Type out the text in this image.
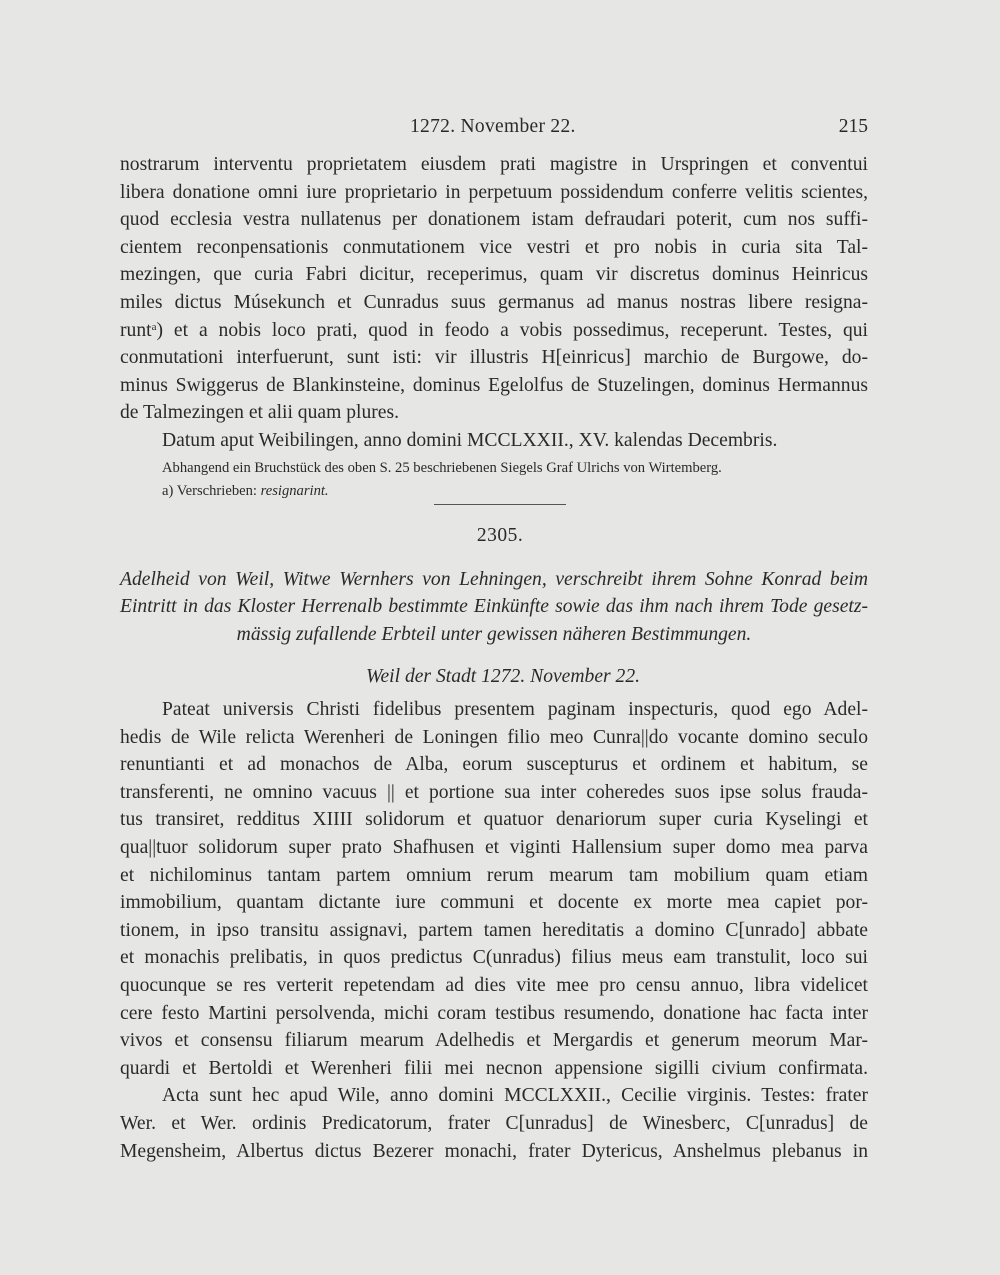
1272. November 22.	215

nostrarum interventu proprietatem eiusdem prati magistre in Urspringen et conventui
libera donatione omni iure proprietario in perpetuum possidendum conferre velitis scientes,
quod ecclesia vestra nullatenus per donationem istam defraudari poterit, cum nos suffi-
cientem reconpensationis conmutationem vice vestri et pro nobis in curia sita Tal-
mezingen, que curia Fabri dicitur, receperimus, quam vir discretus dominus Heinricus
miles dictus Músekunch et Cunradus suus germanus ad manus nostras libere resigna-
runt$^a$) et a nobis loco prati, quod in feodo a vobis possedimus, receperunt. Testes, qui
conmutationi interfuerunt, sunt isti: vir illustris H[einricus] marchio de Burgowe, do-
minus Swiggerus de Blankinsteine, dominus Egelolfus de Stuzelingen, dominus Hermannus
de Talmezingen et alii quam plures.

Datum aput Weibilingen, anno domini MCCLXXII., XV. kalendas Decembris.

Abhangend ein Bruchstück des oben S. 25 beschriebenen Siegels Graf Ulrichs von Wirtemberg.
a) Verschrieben: resignarint.
2305.
Adelheid von Weil, Witwe Wernhers von Lehningen, verschreibt ihrem Sohne Konrad beim
Eintritt in das Kloster Herrenalb bestimmte Einkünfte sowie das ihm nach ihrem Tode gesetz-
mässig zufallende Erbteil unter gewissen näheren Bestimmungen.
Weil der Stadt 1272. November 22.

Pateat universis Christi fidelibus presentem paginam inspecturis, quod ego Adel-
hedis de Wile relicta Werenheri de Loningen filio meo Cunra||do vocante domino seculo
renuntianti et ad monachos de Alba, eorum suscepturus et ordinem et habitum, se
transferenti, ne omnino vacuus || et portione sua inter coheredes suos ipse solus frauda-
tus transiret, redditus XIIII solidorum et quatuor denariorum super curia Kyselingi et
qua||tuor solidorum super prato Shafhusen et viginti Hallensium super domo mea parva
et nichilominus tantam partem omnium rerum mearum tam mobilium quam etiam
immobilium, quantam dictante iure communi et docente ex morte mea capiet por-
tionem, in ipso transitu assignavi, partem tamen hereditatis a domino C[unrado] abbate
et monachis prelibatis, in quos predictus C(unradus) filius meus eam transtulit, loco sui
quocunque se res verterit repetendam ad dies vite mee pro censu annuo, libra videlicet
cere festo Martini persolvenda, michi coram testibus resumendo, donatione hac facta inter
vivos et consensu filiarum mearum Adelhedis et Mergardis et generum meorum Mar-
quardi et Bertoldi et Werenheri filii mei necnon appensione sigilli civium confirmata.

Acta sunt hec apud Wile, anno domini MCCLXXII., Cecilie virginis. Testes: frater
Wer. et Wer. ordinis Predicatorum, frater C[unradus] de Winesberc, C[unradus] de
Megensheim, Albertus dictus Bezerer monachi, frater Dytericus, Anshelmus plebanus in
